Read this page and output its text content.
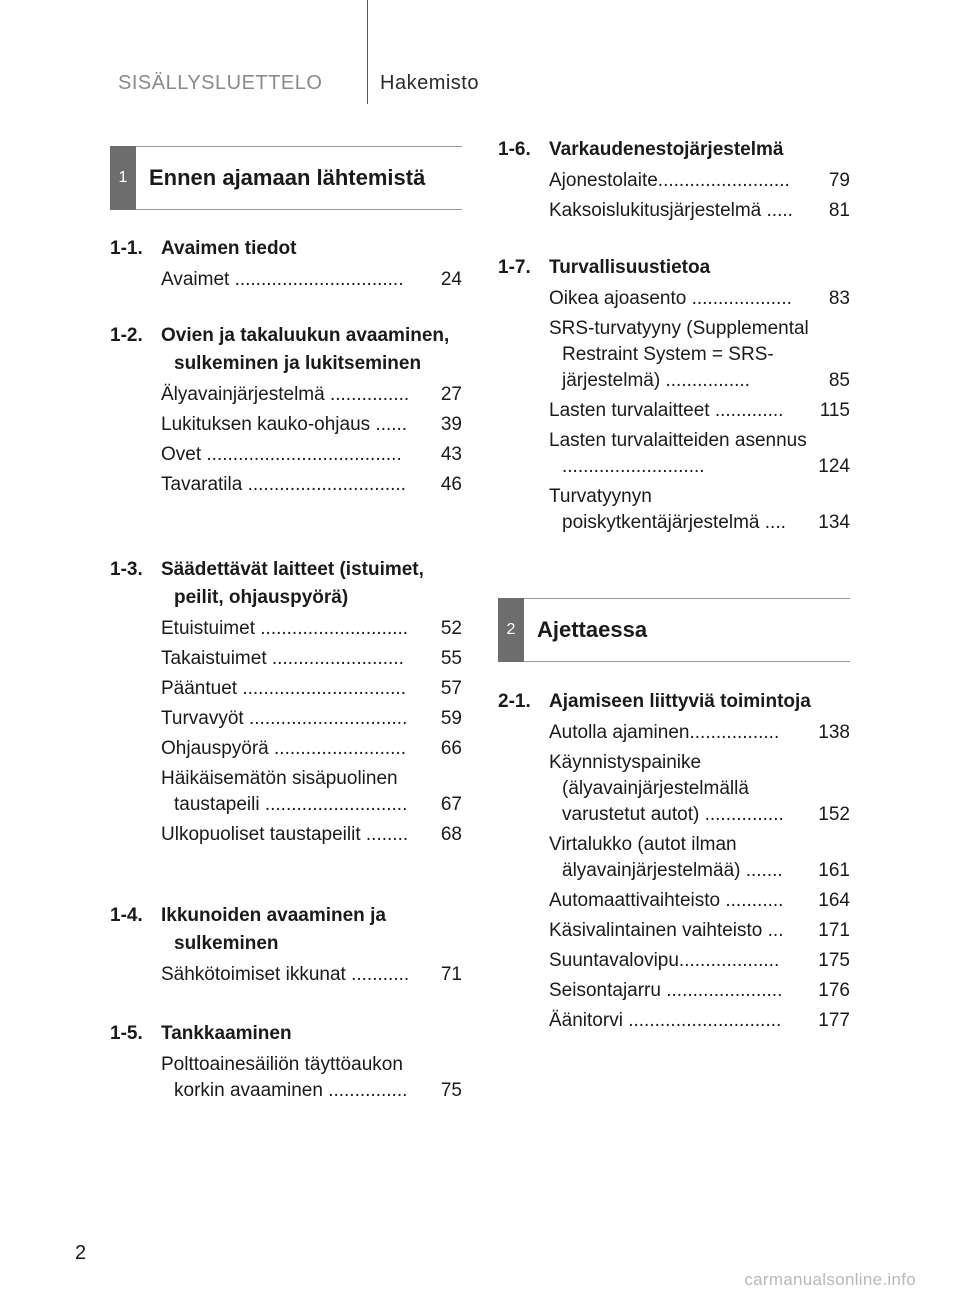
SISÄLLYSLUETTELO	Hakemisto
1 Ennen ajamaan lähtemistä
1-1. Avaimen tiedot
Avaimet ................................	24
1-2. Ovien ja takaluukun avaaminen, sulkeminen ja lukitseminen
Älyavainjärjestelmä ...............	27
Lukituksen kauko-ohjaus ......	39
Ovet .....................................	43
Tavaratila ..............................	46
1-3. Säädettävät laitteet (istuimet, peilit, ohjauspyörä)
Etuistuimet ............................	52
Takaistuimet .........................	55
Pääntuet ...............................	57
Turvavyöt ..............................	59
Ohjauspyörä .........................	66
Häikäisemätön sisäpuolinen taustapeili ...........................	67
Ulkopuoliset taustapeilit ........	68
1-4. Ikkunoiden avaaminen ja sulkeminen
Sähkötoimiset ikkunat ...........	71
1-5. Tankkaaminen
Polttoainesäiliön täyttöaukon korkin avaaminen ...............	75
1-6. Varkaudenestojärjestelmä
Ajonestolaite.........................	79
Kaksoislukitusjärjestelmä .....	81
1-7. Turvallisuustietoa
Oikea ajoasento ...................	83
SRS-turvatyyny (Supplemental Restraint System = SRS-järjestelmä) ................	85
Lasten turvalaitteet .............	115
Lasten turvalaitteiden asennus ...........................	124
Turvatyynyn poiskytkentäjärjestelmä ....	134
2 Ajettaessa
2-1. Ajamiseen liittyviä toimintoja
Autolla ajaminen.................	138
Käynnistyspainike (älyavainjärjestelmällä varustetut autot) ...............	152
Virtalukko (autot ilman älyavainjärjestelmää) .......	161
Automaattivaihteisto ...........	164
Käsivalintainen vaihteisto ...	171
Suuntavalovipu...................	175
Seisontajarru ......................	176
Äänitorvi .............................	177
2
carmanualsonline.info
